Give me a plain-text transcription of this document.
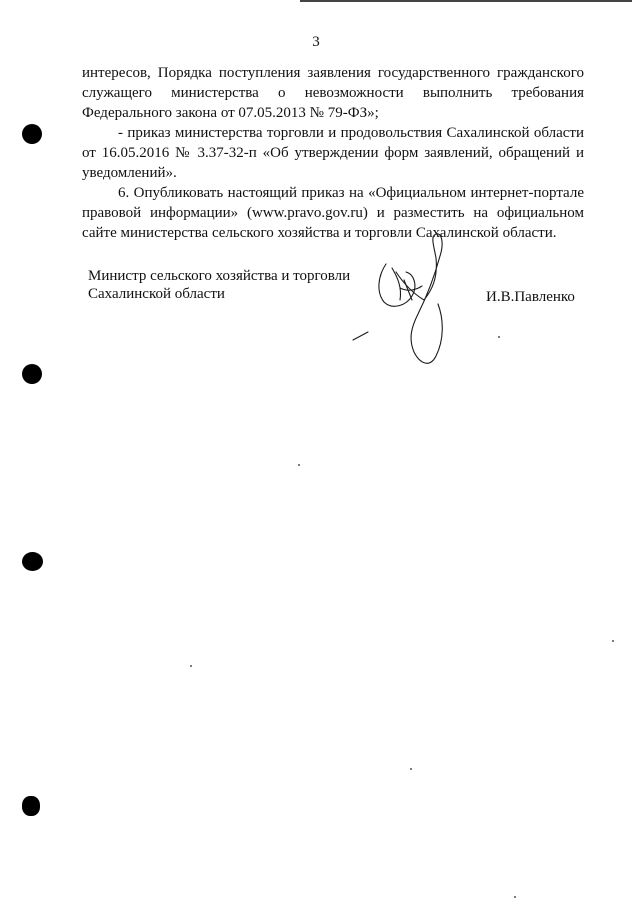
3

интересов, Порядка поступления заявления государственного гражданского

служащего министерства о невозможности выполнить требования

Федерального закона от 07.05.2013 № 79-ФЗ»;

- приказ министерства торговли и продовольствия Сахалинской области от 16.05.2016 № 3.37-32-п «Об утверждении форм заявлений, обращений и уведомлений».

6. Опубликовать настоящий приказ на «Официальном интернет-портале правовой информации» (www.pravo.gov.ru) и разместить на официальном сайте министерства сельского хозяйства и торговли Сахалинской области.

Министр сельского хозяйства и торговли
Сахалинской области	И.В.Павленко
